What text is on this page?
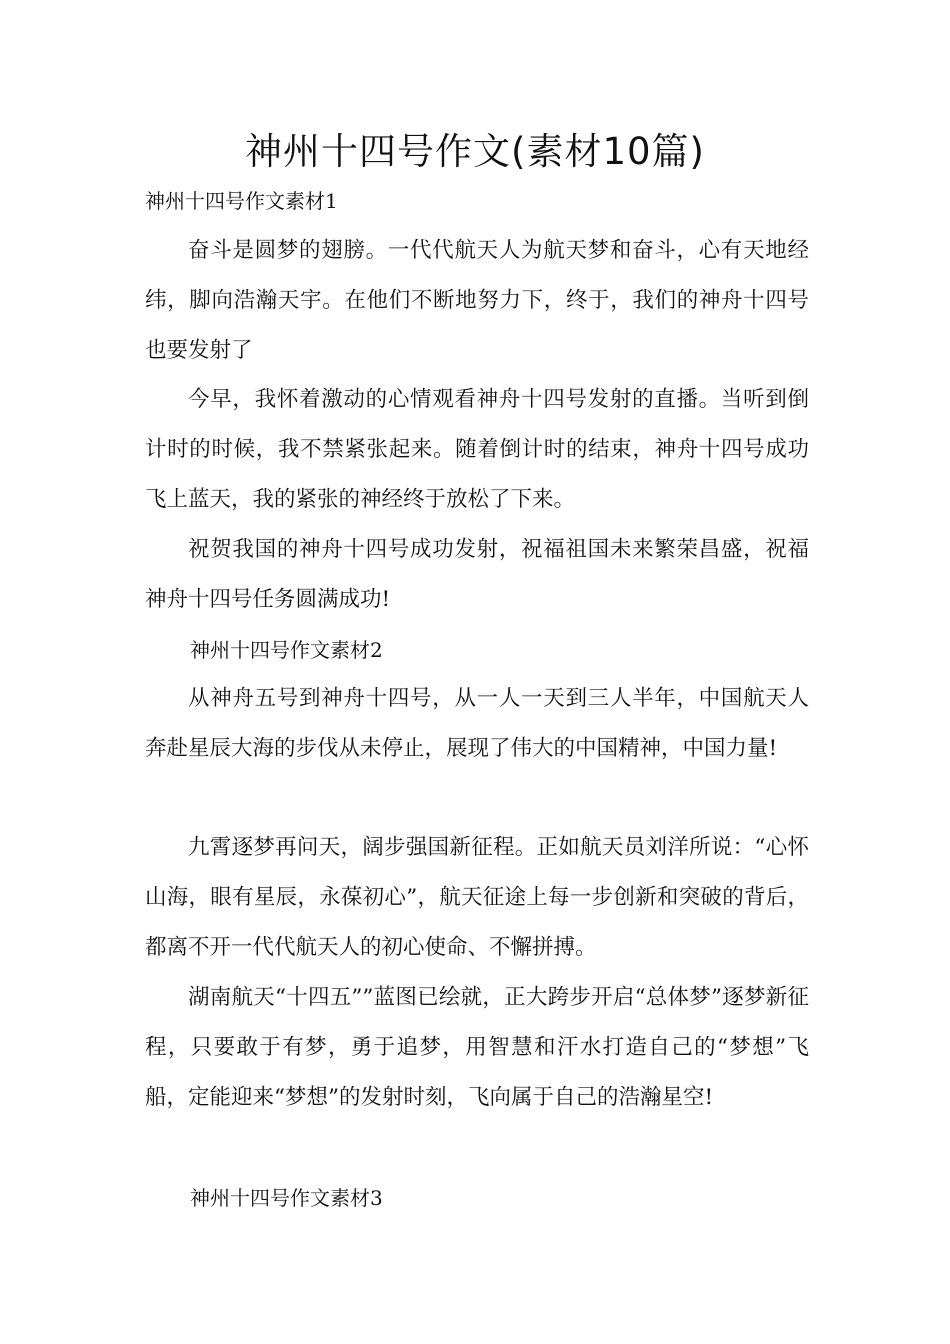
神州十四号作文(素材10篇)
神州十四号作文素材1

奋斗是圆梦的翅膀。一代代航天人为航天梦和奋斗，心有天地经纬，脚向浩瀚天宇。在他们不断地努力下，终于，我们的神舟十四号也要发射了

今早，我怀着激动的心情观看神舟十四号发射的直播。当听到倒计时的时候，我不禁紧张起来。随着倒计时的结束，神舟十四号成功飞上蓝天，我的紧张的神经终于放松了下来。

祝贺我国的神舟十四号成功发射，祝福祖国未来繁荣昌盛，祝福神舟十四号任务圆满成功!

神州十四号作文素材2

从神舟五号到神舟十四号，从一人一天到三人半年，中国航天人奔赴星辰大海的步伐从未停止，展现了伟大的中国精神，中国力量!

九霄逐梦再问天，阔步强国新征程。正如航天员刘洋所说：“心怀山海，眼有星辰，永葆初心”，航天征途上每一步创新和突破的背后，都离不开一代代航天人的初心使命、不懈拼搏。

湖南航天“十四五””蓝图已绘就，正大跨步开启“总体梦”逐梦新征程，只要敢于有梦，勇于追梦，用智慧和汗水打造自己的“梦想”飞船，定能迎来“梦想”的发射时刻，飞向属于自己的浩瀚星空!

神州十四号作文素材3
